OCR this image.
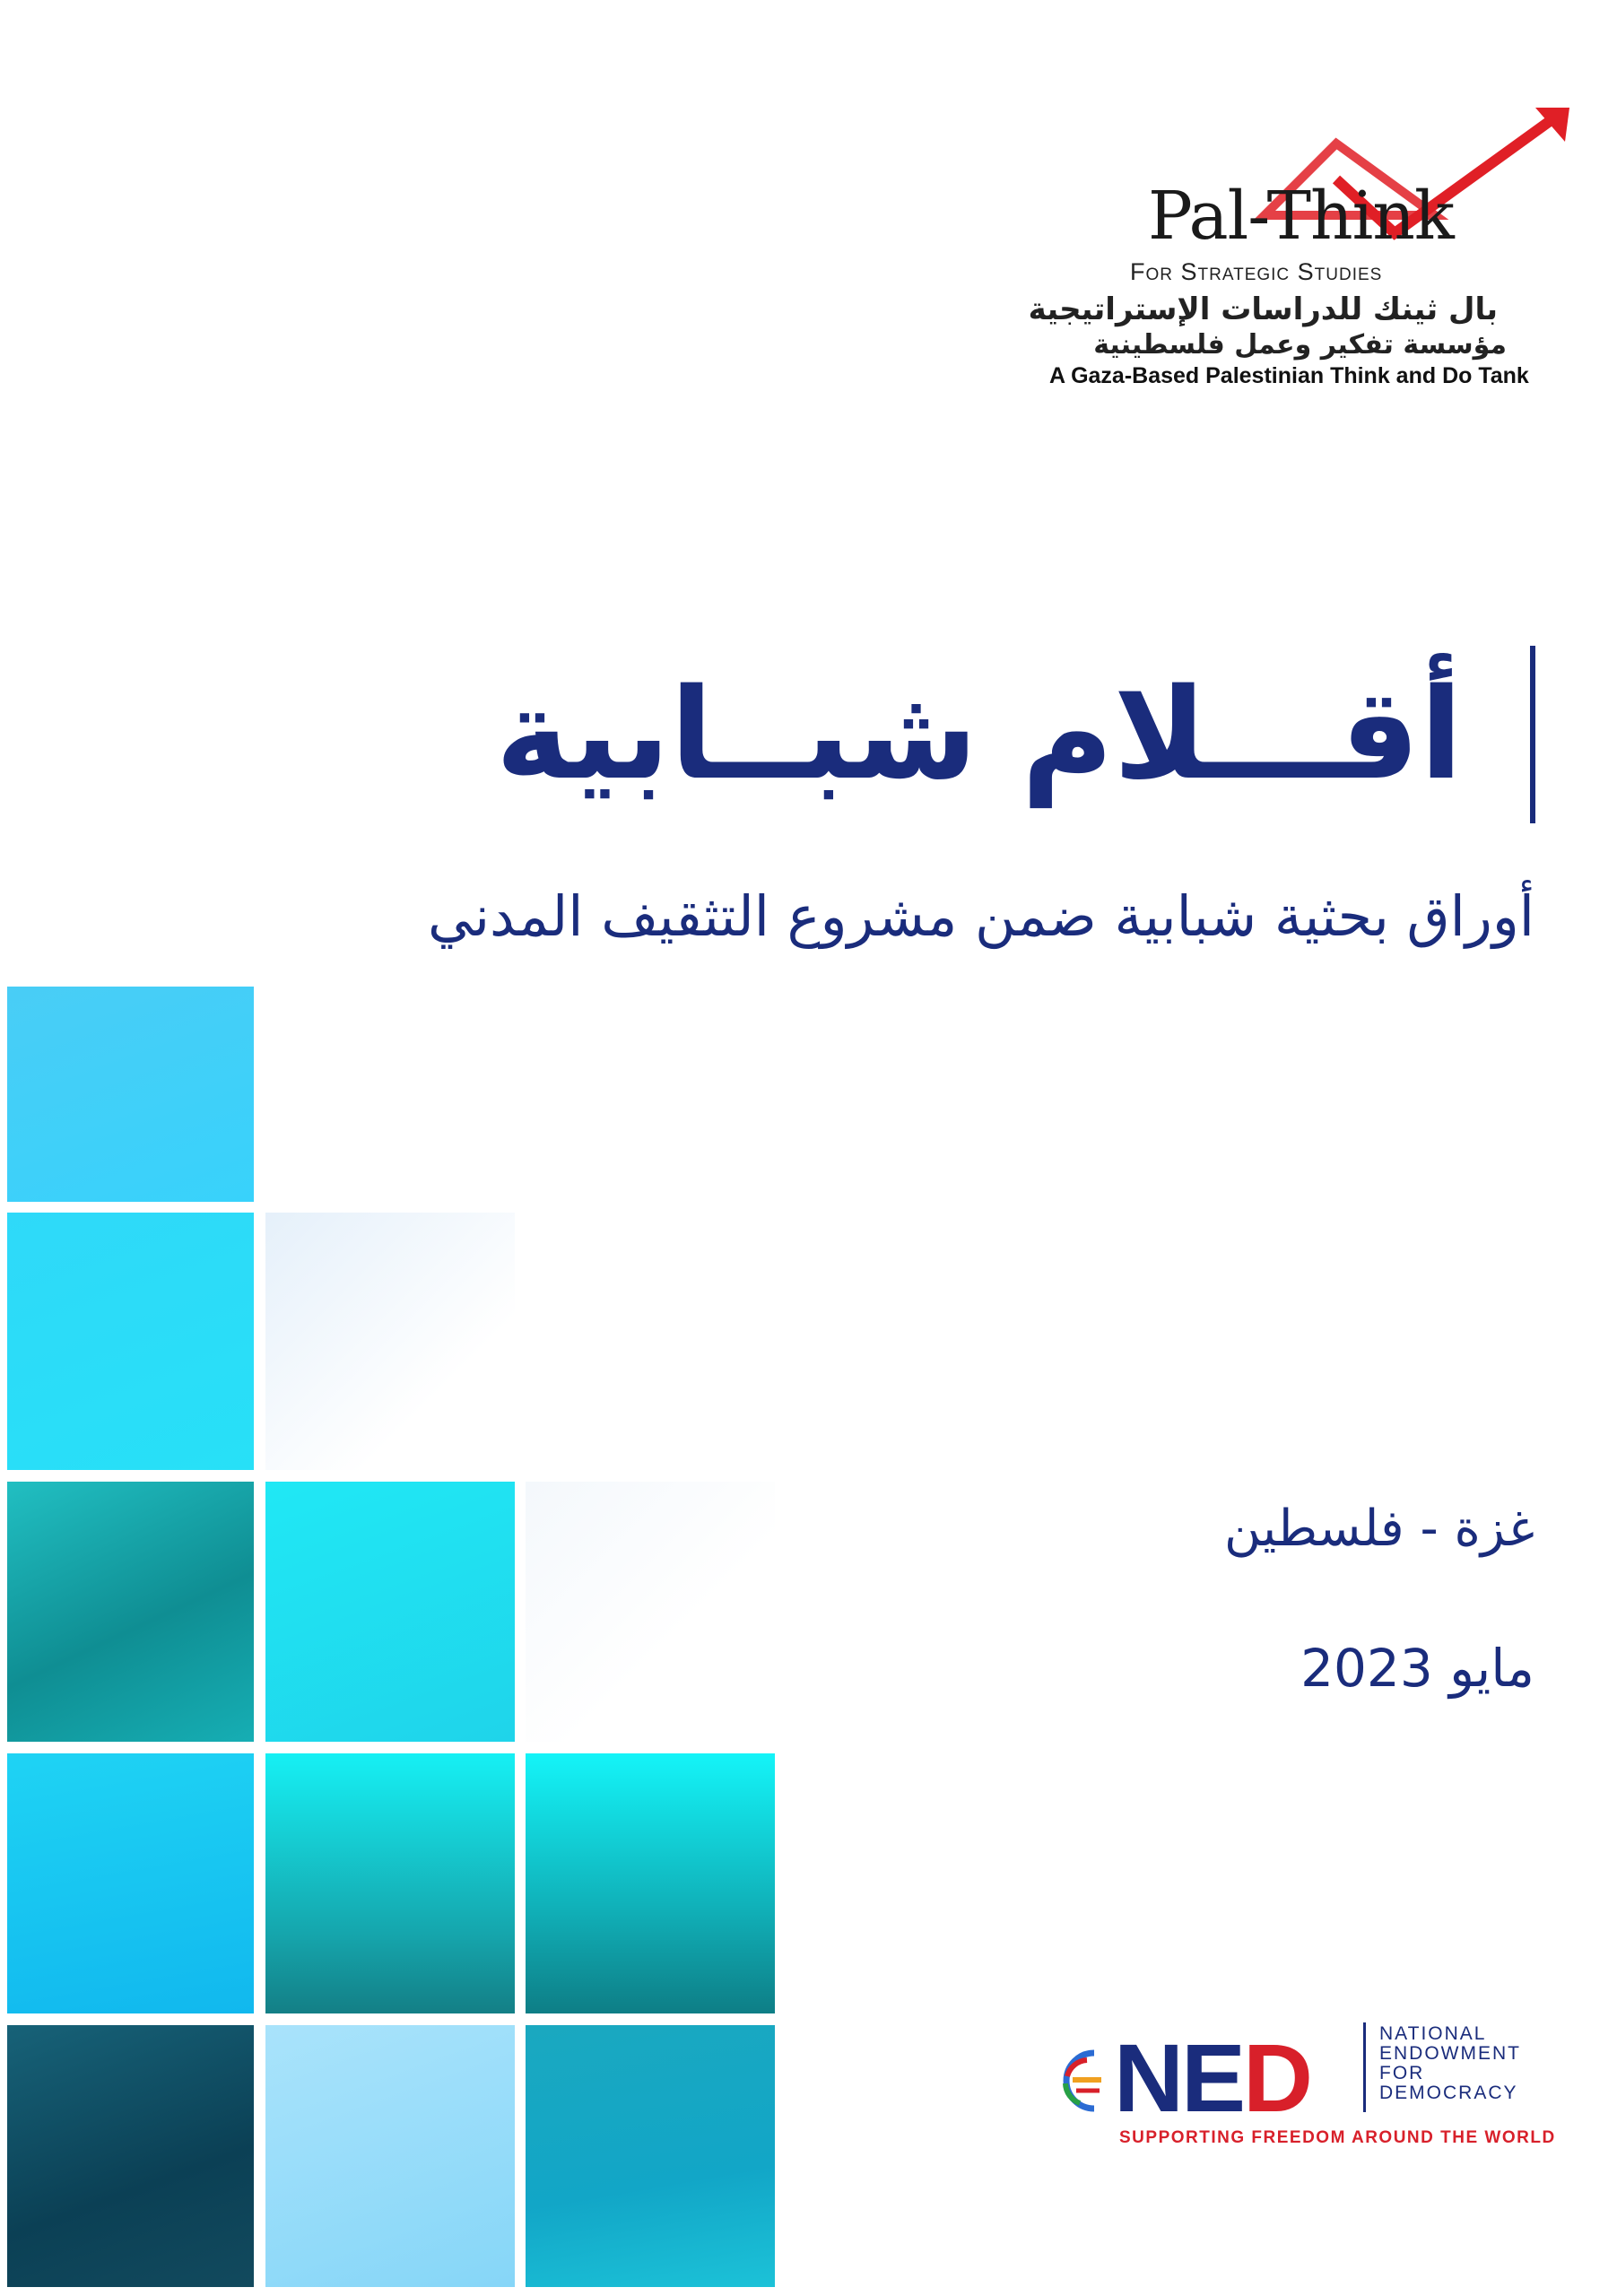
Pal-Think
For Strategic Studies
بال ثينك للدراسات الإستراتيجية
مؤسسة تفكير وعمل فلسطينية
A Gaza-Based Palestinian Think and Do Tank
أقـــلام شبــابية
أوراق بحثية شبابية ضمن مشروع التثقيف المدني
غزة - فلسطين
مايو 2023
NED	NATIONAL
ENDOWMENT
FOR
DEMOCRACY
SUPPORTING FREEDOM AROUND THE WORLD
